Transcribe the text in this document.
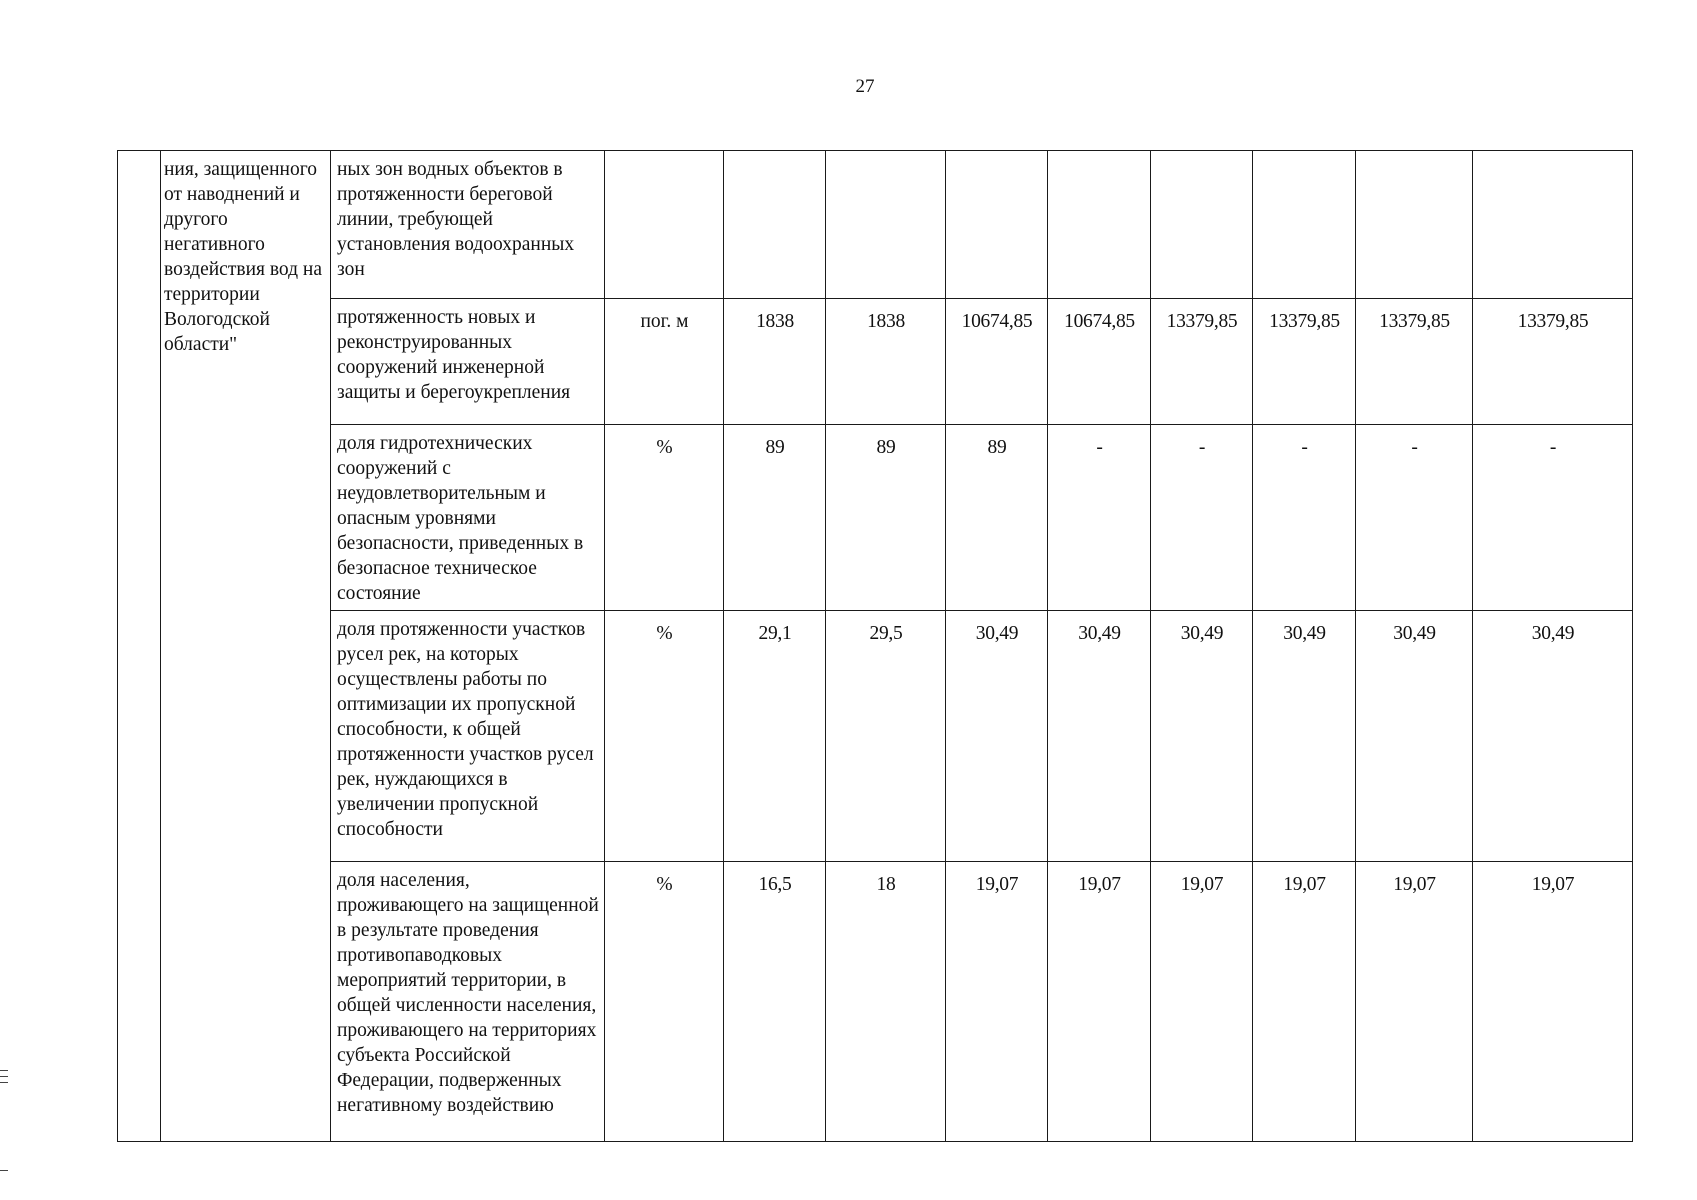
27
	ния, защищенного от наводнений и другого негативного воздействия вод на территории Вологодской области"	ных зон водных объектов в протяженности береговой линии, требующей установления водоохранных зон									
		протяженность новых и реконструированных сооружений инженерной защиты и берегоукрепления	пог. м	1838	1838	10674,85	10674,85	13379,85	13379,85	13379,85	13379,85
		доля гидротехнических сооружений с неудовлетворительным и опасным уровнями безопасности, приведенных в безопасное техническое состояние	%	89	89	89	-	-	-	-	-
		доля протяженности участков русел рек, на которых осуществлены работы по оптимизации их пропускной способности, к общей протяженности участков русел рек, нуждающихся в увеличении пропускной способности	%	29,1	29,5	30,49	30,49	30,49	30,49	30,49	30,49
		доля населения, проживающего на защищенной в результате проведения противопаводковых мероприятий территории, в общей численности населения, проживающего на территориях субъекта Российской Федерации, подверженных негативному воздействию	%	16,5	18	19,07	19,07	19,07	19,07	19,07	19,07
